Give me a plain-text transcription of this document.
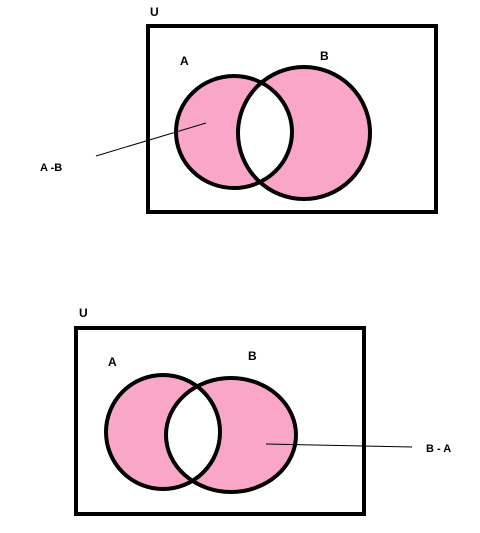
U
A	B
A -B
U
A	B
B - A
